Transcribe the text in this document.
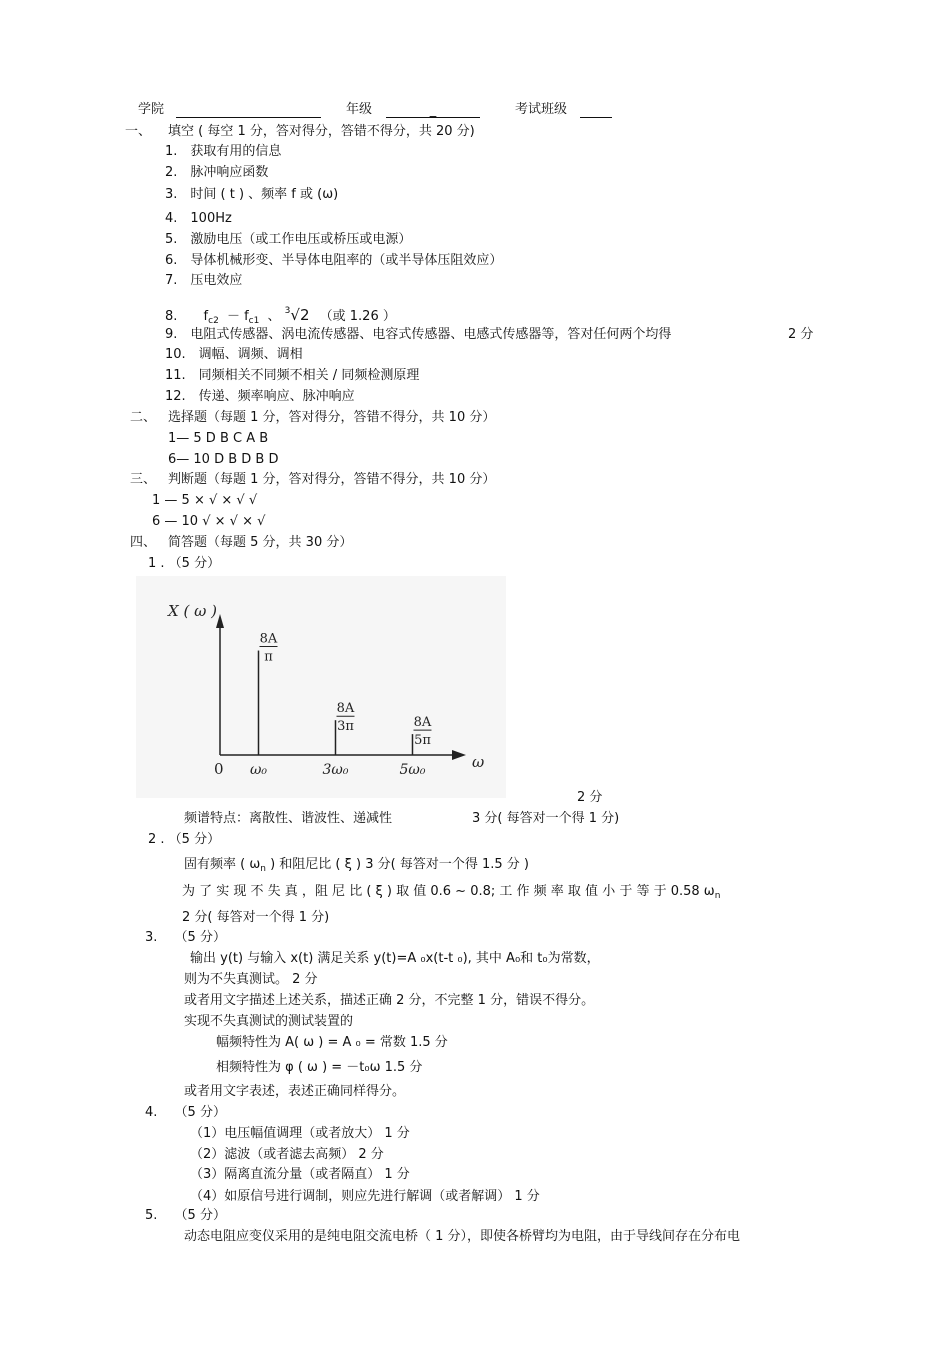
学院	年级	_	考试班级
一、 填空 ( 每空 1 分，答对得分，答错不得分，共 20 分)
1.　获取有用的信息
2.　脉冲响应函数
3.　时间 ( t ) 、频率 f 或 (ω)
4.　100Hz
5.　激励电压（或工作电压或桥压或电源）
6.　导体机械形变、半导体电阻率的（或半导体压阻效应）
7.　压电效应
8. $f_{c2} - f_{c1}$ 、 $^3$√2 （或 1.26 ）
9.　电阻式传感器、涡电流传感器、电容式传感器、电感式传感器等，答对任何两个均得	2 分
10.　调幅、调频、调相
11.　同频相关不同频不相关 / 同频检测原理
12.　传递、频率响应、脉冲响应
二、 选择题（每题 1 分，答对得分，答错不得分，共 10 分）
1— 5 D B C A B
6— 10 D B D B D
三、 判断题（每题 1 分，答对得分，答错不得分，共 10 分）
1 — 5 × √ × √ √
6 — 10 √ × √ × √
四、 简答题（每题 5 分，共 30 分）
1 . （5 分）
X ( ω )
ω
0
8A
π
ω₀
8A
3π
3ω₀
8A
5π
5ω₀
2 分
频谱特点：离散性、谐波性、递减性	3 分( 每答对一个得 1 分)
2 . （5 分）
固有频率 ( $\omega_n$ ) 和阻尼比 ( ξ ) 3 分( 每答对一个得 1.5 分 )
为 了 实 现 不 失 真 ，阻 尼 比 ( ξ ) 取 值 0.6 ~ 0.8; 工 作 频 率 取 值 小 于 等 于 0.58 $\omega_n$
2 分( 每答对一个得 1 分)
3.　 （5 分）
输出 y(t) 与输入 x(t) 满足关系 y(t)=A ₀x(t-t ₀), 其中 A₀和 t₀为常数，
则为不失真测试。 2 分
或者用文字描述上述关系，描述正确 2 分，不完整 1 分，错误不得分。
实现不失真测试的测试装置的
幅频特性为 A( ω ) = A ₀ = 常数 1.5 分
相频特性为 φ ( ω ) = －t₀ω 1.5 分
或者用文字表述，表述正确同样得分。
4.　 （5 分）
（1）电压幅值调理（或者放大） 1 分
（2）滤波（或者滤去高频） 2 分
（3）隔离直流分量（或者隔直） 1 分
（4）如原信号进行调制，则应先进行解调（或者解调） 1 分
5.　 （5 分）
动态电阻应变仪采用的是纯电阻交流电桥（ 1 分），即使各桥臂均为电阻，由于导线间存在分布电
